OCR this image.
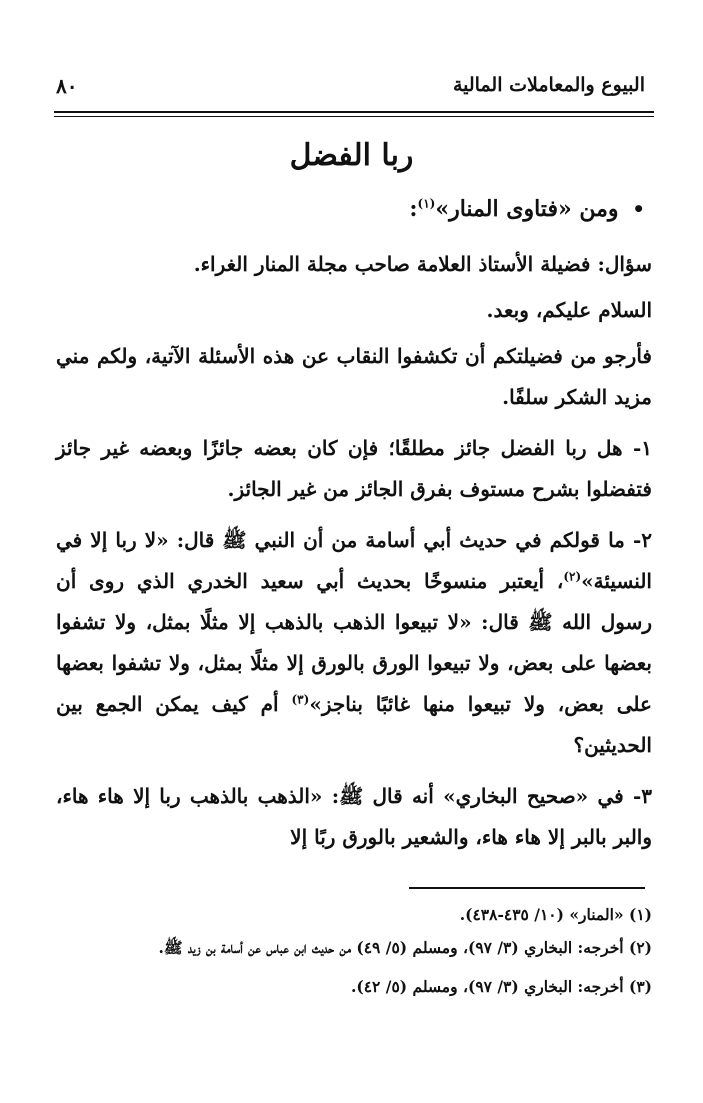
٨٠	البيوع والمعاملات المالية
ربا الفضل
• ومن «فتاوى المنار»$^{(١)}$:

سؤال: فضيلة الأستاذ العلامة صاحب مجلة المنار الغراء.

السلام عليكم، وبعد.

فأرجو من فضيلتكم أن تكشفوا النقاب عن هذه الأسئلة الآتية، ولكم مني مزيد الشكر سلفًا.

١- هل ربا الفضل جائز مطلقًا؛ فإن كان بعضه جائزًا وبعضه غير جائز فتفضلوا بشرح مستوف بفرق الجائز من غير الجائز.

٢- ما قولكم في حديث أبي أسامة من أن النبي ﷺ قال: «لا ربا إلا في النسيئة»$^{(٢)}$، أيعتبر منسوخًا بحديث أبي سعيد الخدري الذي روى أن رسول الله ﷺ قال: «لا تبيعوا الذهب بالذهب إلا مثلًا بمثل، ولا تشفوا بعضها على بعض، ولا تبيعوا الورق بالورق إلا مثلًا بمثل، ولا تشفوا بعضها على بعض، ولا تبيعوا منها غائبًا بناجز»$^{(٣)}$ أم كيف يمكن الجمع بين الحديثين؟

٣- في «صحيح البخاري» أنه قال ﷺ: «الذهب بالذهب ربا إلا هاء هاء، والبر بالبر إلا هاء هاء، والشعير بالورق ربًا إلا

(١) «المنار» (١٠/ ٤٣٥-٤٣٨).

(٢) أخرجه: البخاري (٣/ ٩٧)، ومسلم (٥/ ٤٩) من حديث ابن عباس عن أسامة بن زيد ﷺ.

(٣) أخرجه: البخاري (٣/ ٩٧)، ومسلم (٥/ ٤٢).
